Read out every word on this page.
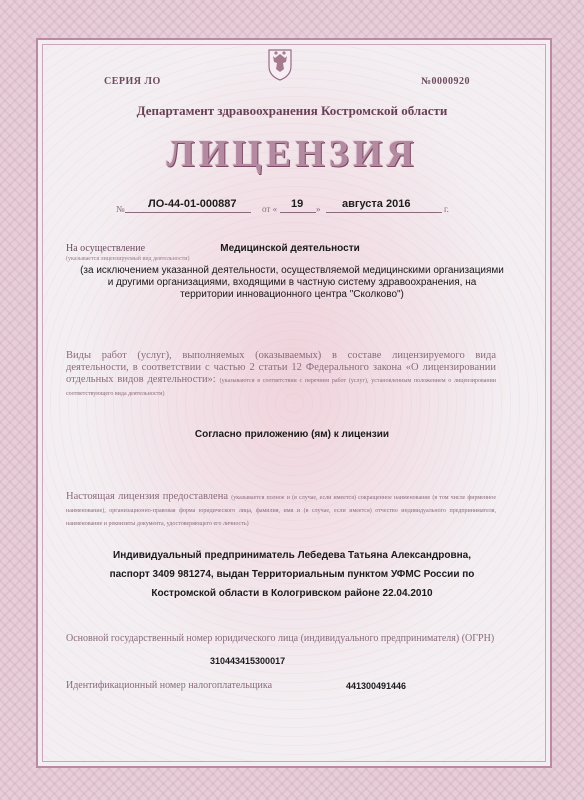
СЕРИЯ ЛО	№0000920
Департамент здравоохранения Костромской области
ЛИЦЕНЗИЯ
№ ЛО-44-01-000887	от « 19 » августа 2016	г.
На осуществление
(указывается лицензируемый вид деятельности)
Медицинской деятельности
(за исключением указанной деятельности, осуществляемой медицинскими организациями и другими организациями, входящими в частную систему здравоохранения, на территории инновационного центра "Сколково")
Виды работ (услуг), выполняемых (оказываемых) в составе лицензируемого вида деятельности, в соответствии с частью 2 статьи 12 Федерального закона «О лицензировании отдельных видов деятельности»: (указываются в соответствии с перечнем работ (услуг), установленным положением о лицензировании соответствующего вида деятельности)
Согласно приложению (ям) к лицензии
Настоящая лицензия предоставлена (указывается полное и (в случае, если имеется) сокращенное наименование (в том числе фирменное наименование), организационно-правовая форма юридического лица, фамилия, имя и (в случае, если имеется) отчество индивидуального предпринимателя, наименование и реквизиты документа, удостоверяющего его личность)
Индивидуальный предприниматель Лебедева Татьяна Александровна,
паспорт 3409 981274, выдан Территориальным пунктом УФМС России по
Костромской области в Кологривском районе 22.04.2010
Основной государственный номер юридического лица (индивидуального предпринимателя) (ОГРН)
310443415300017
Идентификационный номер налогоплательщика	441300491446
